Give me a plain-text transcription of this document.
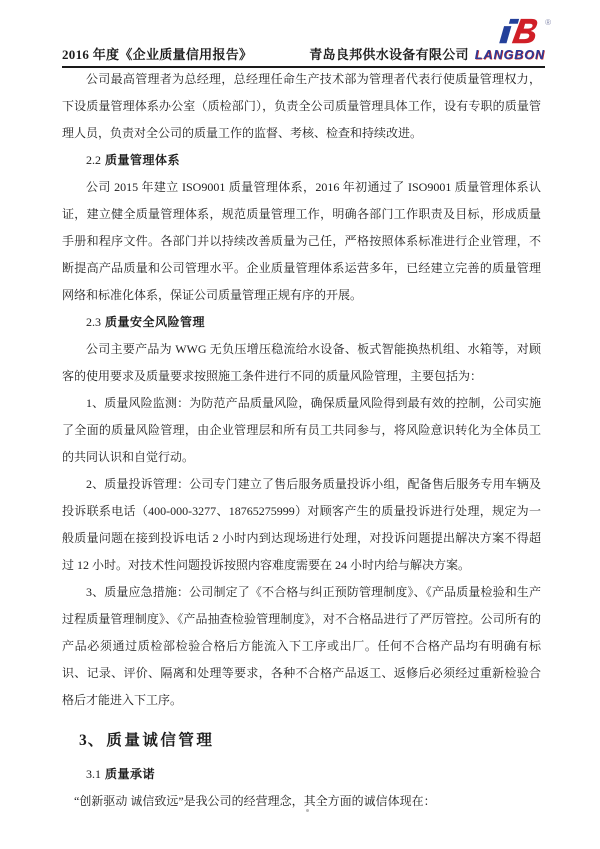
®
2016 年度《企业质量信用报告》	青岛良邦供水设备有限公司 LANGBON

公司最高管理者为总经理，总经理任命生产技术部为管理者代表行使质量管理权力，下设质量管理体系办公室（质检部门），负责全公司质量管理具体工作，设有专职的质量管理人员，负责对全公司的质量工作的监督、考核、检查和持续改进。

2.2 质量管理体系

公司 2015 年建立 ISO9001 质量管理体系，2016 年初通过了 ISO9001 质量管理体系认证，建立健全质量管理体系，规范质量管理工作，明确各部门工作职责及目标，形成质量手册和程序文件。各部门并以持续改善质量为己任，严格按照体系标准进行企业管理，不断提高产品质量和公司管理水平。企业质量管理体系运营多年，已经建立完善的质量管理网络和标准化体系，保证公司质量管理正规有序的开展。

2.3 质量安全风险管理

公司主要产品为 WWG 无负压增压稳流给水设备、板式智能换热机组、水箱等，对顾客的使用要求及质量要求按照施工条件进行不同的质量风险管理，主要包括为：

1、质量风险监测：为防范产品质量风险，确保质量风险得到最有效的控制，公司实施了全面的质量风险管理，由企业管理层和所有员工共同参与，将风险意识转化为全体员工的共同认识和自觉行动。

2、质量投诉管理：公司专门建立了售后服务质量投诉小组，配备售后服务专用车辆及投诉联系电话（400-000-3277、18765275999）对顾客产生的质量投诉进行处理，规定为一般质量问题在接到投诉电话 2 小时内到达现场进行处理，对投诉问题提出解决方案不得超过 12 小时。对技术性问题投诉按照内容难度需要在 24 小时内给与解决方案。

3、质量应急措施：公司制定了《不合格与纠正预防管理制度》、《产品质量检验和生产过程质量管理制度》、《产品抽查检验管理制度》，对不合格品进行了严厉管控。公司所有的产品必须通过质检部检验合格后方能流入下工序或出厂。任何不合格产品均有明确有标识、记录、评价、隔离和处理等要求，各种不合格产品返工、返修后必须经过重新检验合格后才能进入下工序。

3、 质量诚信管理
3.1 质量承诺

“创新驱动 诚信致远”是我公司的经营理念，其全方面的诚信体现在：
